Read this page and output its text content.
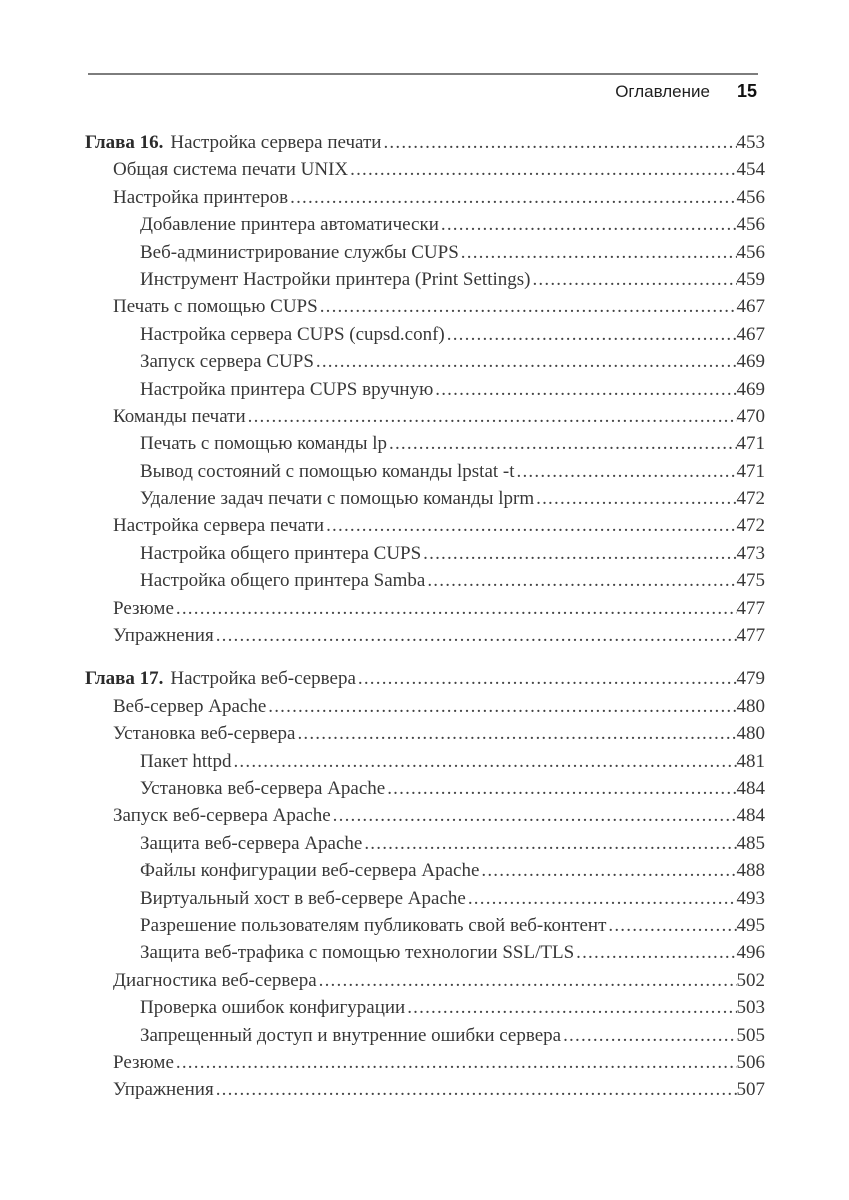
Оглавление 15
Глава 16. Настройка сервера печати .....	453
Общая система печати UNIX .....	454
Настройка принтеров .....	456
Добавление принтера автоматически .....	456
Веб-администрирование службы CUPS .....	456
Инструмент Настройки принтера (Print Settings) .....	459
Печать с помощью CUPS .....	467
Настройка сервера CUPS (cupsd.conf) .....	467
Запуск сервера CUPS .....	469
Настройка принтера CUPS вручную .....	469
Команды печати .....	470
Печать с помощью команды lp .....	471
Вывод состояний с помощью команды lpstat -t .....	471
Удаление задач печати с помощью команды lprm .....	472
Настройка сервера печати .....	472
Настройка общего принтера CUPS .....	473
Настройка общего принтера Samba .....	475
Резюме .....	477
Упражнения .....	477
Глава 17. Настройка веб-сервера .....	479
Веб-сервер Apache .....	480
Установка веб-сервера .....	480
Пакет httpd .....	481
Установка веб-сервера Apache .....	484
Запуск веб-сервера Apache .....	484
Защита веб-сервера Apache .....	485
Файлы конфигурации веб-сервера Apache .....	488
Виртуальный хост в веб-сервере Apache .....	493
Разрешение пользователям публиковать свой веб-контент .....	495
Защита веб-трафика с помощью технологии SSL/TLS .....	496
Диагностика веб-сервера .....	502
Проверка ошибок конфигурации .....	503
Запрещенный доступ и внутренние ошибки сервера .....	505
Резюме .....	506
Упражнения .....	507
